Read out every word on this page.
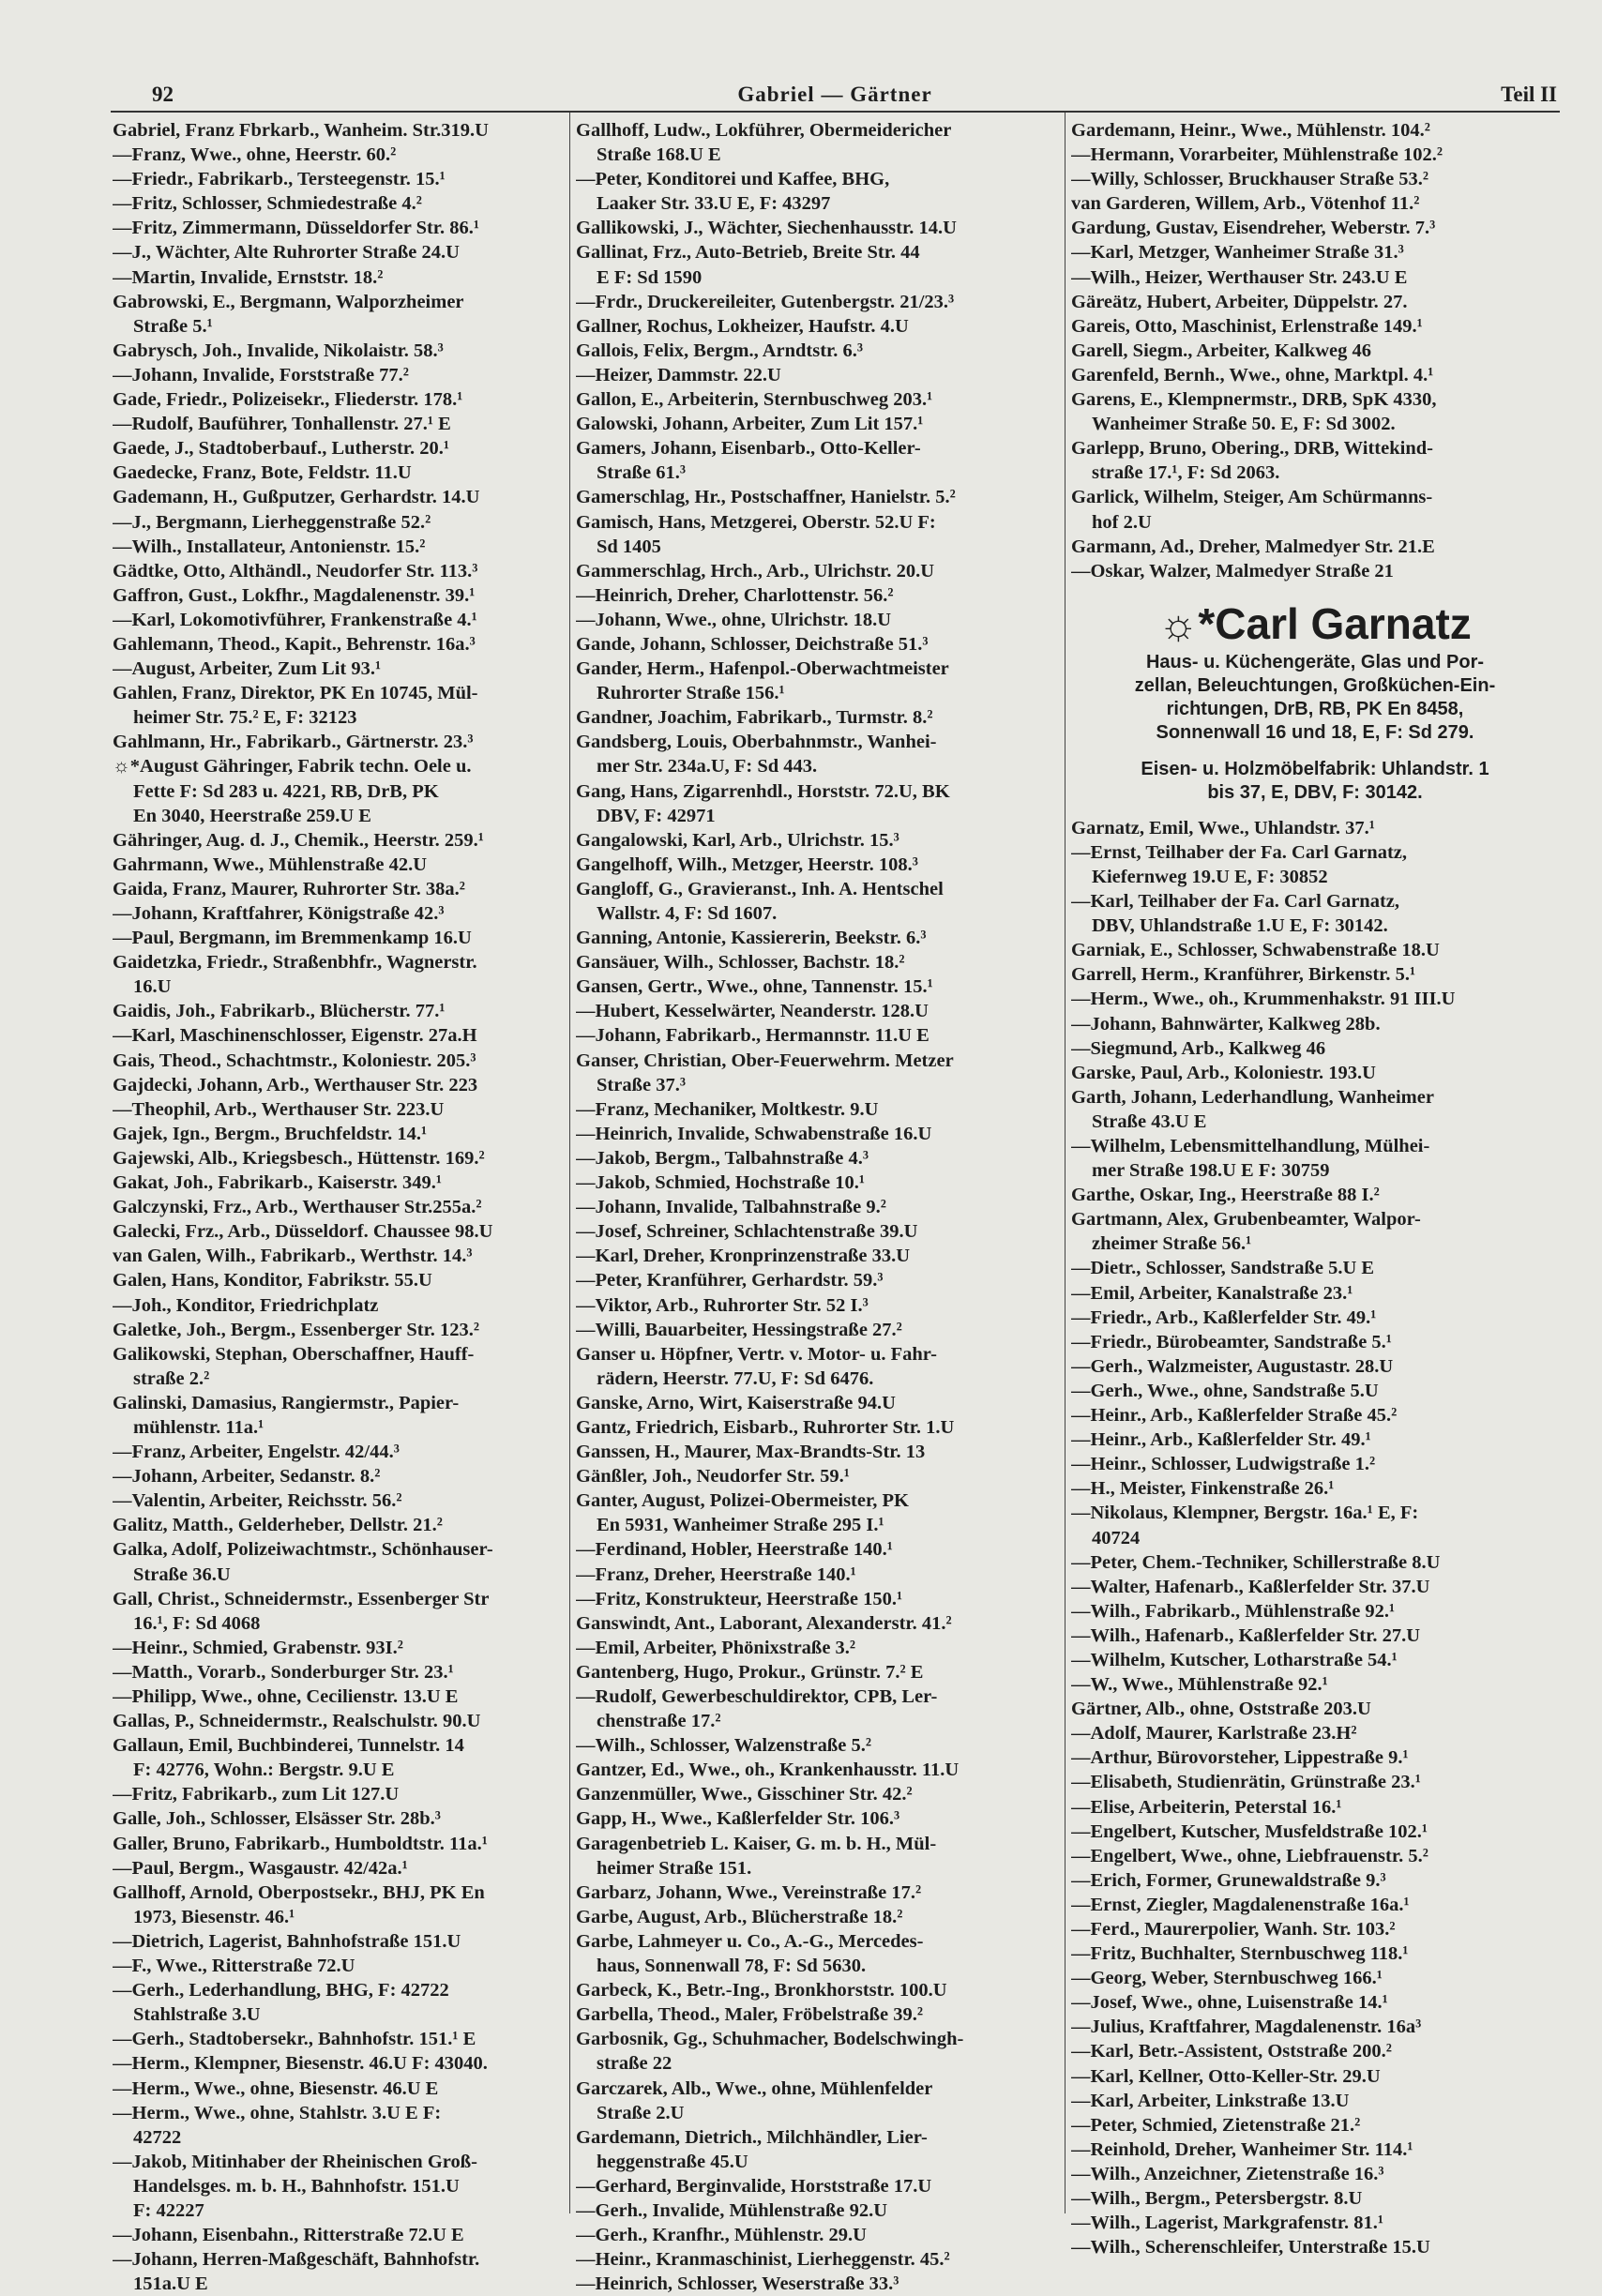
92	Gabriel — Gärtner	Teil II
Gabriel, Franz Fbrkarb., Wanheim. Str.319.U
—Franz, Wwe., ohne, Heerstr. 60.²
—Friedr., Fabrikarb., Tersteegenstr. 15.¹
—Fritz, Schlosser, Schmiedestraße 4.²
—Fritz, Zimmermann, Düsseldorfer Str. 86.¹
—J., Wächter, Alte Ruhrorter Straße 24.U
—Martin, Invalide, Ernststr. 18.²
Gabrowski, E., Bergmann, Walporzheimer
Straße 5.¹
Gabrysch, Joh., Invalide, Nikolaistr. 58.³
—Johann, Invalide, Forststraße 77.²
Gade, Friedr., Polizeisekr., Fliederstr. 178.¹
—Rudolf, Bauführer, Tonhallenstr. 27.¹ E
Gaede, J., Stadtoberbauf., Lutherstr. 20.¹
Gaedecke, Franz, Bote, Feldstr. 11.U
Gademann, H., Gußputzer, Gerhardstr. 14.U
—J., Bergmann, Lierheggenstraße 52.²
—Wilh., Installateur, Antonienstr. 15.²
Gädtke, Otto, Althändl., Neudorfer Str. 113.³
Gaffron, Gust., Lokfhr., Magdalenenstr. 39.¹
—Karl, Lokomotivführer, Frankenstraße 4.¹
Gahlemann, Theod., Kapit., Behrenstr. 16a.³
—August, Arbeiter, Zum Lit 93.¹
Gahlen, Franz, Direktor, PK En 10745, Mül-
heimer Str. 75.² E, F: 32123
Gahlmann, Hr., Fabrikarb., Gärtnerstr. 23.³
☼*August Gähringer, Fabrik techn. Oele u.
Fette F: Sd 283 u. 4221, RB, DrB, PK
En 3040, Heerstraße 259.U E
Gähringer, Aug. d. J., Chemik., Heerstr. 259.¹
Gahrmann, Wwe., Mühlenstraße 42.U
Gaida, Franz, Maurer, Ruhrorter Str. 38a.²
—Johann, Kraftfahrer, Königstraße 42.³
—Paul, Bergmann, im Bremmenkamp 16.U
Gaidetzka, Friedr., Straßenbhfr., Wagnerstr.
16.U
Gaidis, Joh., Fabrikarb., Blücherstr. 77.¹
—Karl, Maschinenschlosser, Eigenstr. 27a.H
Gais, Theod., Schachtmstr., Koloniestr. 205.³
Gajdecki, Johann, Arb., Werthauser Str. 223
—Theophil, Arb., Werthauser Str. 223.U
Gajek, Ign., Bergm., Bruchfeldstr. 14.¹
Gajewski, Alb., Kriegsbesch., Hüttenstr. 169.²
Gakat, Joh., Fabrikarb., Kaiserstr. 349.¹
Galczynski, Frz., Arb., Werthauser Str.255a.²
Galecki, Frz., Arb., Düsseldorf. Chaussee 98.U
van Galen, Wilh., Fabrikarb., Werthstr. 14.³
Galen, Hans, Konditor, Fabrikstr. 55.U
—Joh., Konditor, Friedrichplatz
Galetke, Joh., Bergm., Essenberger Str. 123.²
Galikowski, Stephan, Oberschaffner, Hauff-
straße 2.²
Galinski, Damasius, Rangiermstr., Papier-
mühlenstr. 11a.¹
—Franz, Arbeiter, Engelstr. 42/44.³
—Johann, Arbeiter, Sedanstr. 8.²
—Valentin, Arbeiter, Reichsstr. 56.²
Galitz, Matth., Gelderheber, Dellstr. 21.²
Galka, Adolf, Polizeiwachtmstr., Schönhauser-
Straße 36.U
Gall, Christ., Schneidermstr., Essenberger Str
16.¹, F: Sd 4068
—Heinr., Schmied, Grabenstr. 93I.²
—Matth., Vorarb., Sonderburger Str. 23.¹
—Philipp, Wwe., ohne, Cecilienstr. 13.U E
Gallas, P., Schneidermstr., Realschulstr. 90.U
Gallaun, Emil, Buchbinderei, Tunnelstr. 14
F: 42776, Wohn.: Bergstr. 9.U E
—Fritz, Fabrikarb., zum Lit 127.U
Galle, Joh., Schlosser, Elsässer Str. 28b.³
Galler, Bruno, Fabrikarb., Humboldtstr. 11a.¹
—Paul, Bergm., Wasgaustr. 42/42a.¹
Gallhoff, Arnold, Oberpostsekr., BHJ, PK En
1973, Biesenstr. 46.¹
—Dietrich, Lagerist, Bahnhofstraße 151.U
—F., Wwe., Ritterstraße 72.U
—Gerh., Lederhandlung, BHG, F: 42722
Stahlstraße 3.U
—Gerh., Stadtobersekr., Bahnhofstr. 151.¹ E
—Herm., Klempner, Biesenstr. 46.U F: 43040.
—Herm., Wwe., ohne, Biesenstr. 46.U E
—Herm., Wwe., ohne, Stahlstr. 3.U E F:
42722
—Jakob, Mitinhaber der Rheinischen Groß-
Handelsges. m. b. H., Bahnhofstr. 151.U
F: 42227
—Johann, Eisenbahn., Ritterstraße 72.U E
—Johann, Herren-Maßgeschäft, Bahnhofstr.
151a.U E
Gallhoff, Ludw., Lokführer, Obermeidericher
Straße 168.U E
—Peter, Konditorei und Kaffee, BHG,
Laaker Str. 33.U E, F: 43297
Gallikowski, J., Wächter, Siechenhausstr. 14.U
Gallinat, Frz., Auto-Betrieb, Breite Str. 44
E F: Sd 1590
—Frdr., Druckereileiter, Gutenbergstr. 21/23.³
Gallner, Rochus, Lokheizer, Haufstr. 4.U
Gallois, Felix, Bergm., Arndtstr. 6.³
—Heizer, Dammstr. 22.U
Gallon, E., Arbeiterin, Sternbuschweg 203.¹
Galowski, Johann, Arbeiter, Zum Lit 157.¹
Gamers, Johann, Eisenbarb., Otto-Keller-
Straße 61.³
Gamerschlag, Hr., Postschaffner, Hanielstr. 5.²
Gamisch, Hans, Metzgerei, Oberstr. 52.U F:
Sd 1405
Gammerschlag, Hrch., Arb., Ulrichstr. 20.U
—Heinrich, Dreher, Charlottenstr. 56.²
—Johann, Wwe., ohne, Ulrichstr. 18.U
Gande, Johann, Schlosser, Deichstraße 51.³
Gander, Herm., Hafenpol.-Oberwachtmeister
Ruhrorter Straße 156.¹
Gandner, Joachim, Fabrikarb., Turmstr. 8.²
Gandsberg, Louis, Oberbahnmstr., Wanhei-
mer Str. 234a.U, F: Sd 443.
Gang, Hans, Zigarrenhdl., Horststr. 72.U, BK
DBV, F: 42971
Gangalowski, Karl, Arb., Ulrichstr. 15.³
Gangelhoff, Wilh., Metzger, Heerstr. 108.³
Gangloff, G., Gravieranst., Inh. A. Hentschel
Wallstr. 4, F: Sd 1607.
Ganning, Antonie, Kassiererin, Beekstr. 6.³
Gansäuer, Wilh., Schlosser, Bachstr. 18.²
Gansen, Gertr., Wwe., ohne, Tannenstr. 15.¹
—Hubert, Kesselwärter, Neanderstr. 128.U
—Johann, Fabrikarb., Hermannstr. 11.U E
Ganser, Christian, Ober-Feuerwehrm. Metzer
Straße 37.³
—Franz, Mechaniker, Moltkestr. 9.U
—Heinrich, Invalide, Schwabenstraße 16.U
—Jakob, Bergm., Talbahnstraße 4.³
—Jakob, Schmied, Hochstraße 10.¹
—Johann, Invalide, Talbahnstraße 9.²
—Josef, Schreiner, Schlachtenstraße 39.U
—Karl, Dreher, Kronprinzenstraße 33.U
—Peter, Kranführer, Gerhardstr. 59.³
—Viktor, Arb., Ruhrorter Str. 52 I.³
—Willi, Bauarbeiter, Hessingstraße 27.²
Ganser u. Höpfner, Vertr. v. Motor- u. Fahr-
rädern, Heerstr. 77.U, F: Sd 6476.
Ganske, Arno, Wirt, Kaiserstraße 94.U
Gantz, Friedrich, Eisbarb., Ruhrorter Str. 1.U
Ganssen, H., Maurer, Max-Brandts-Str. 13
Gänßler, Joh., Neudorfer Str. 59.¹
Ganter, August, Polizei-Obermeister, PK
En 5931, Wanheimer Straße 295 I.¹
—Ferdinand, Hobler, Heerstraße 140.¹
—Franz, Dreher, Heerstraße 140.¹
—Fritz, Konstrukteur, Heerstraße 150.¹
Ganswindt, Ant., Laborant, Alexanderstr. 41.²
—Emil, Arbeiter, Phönixstraße 3.²
Gantenberg, Hugo, Prokur., Grünstr. 7.² E
—Rudolf, Gewerbeschuldirektor, CPB, Ler-
chenstraße 17.²
—Wilh., Schlosser, Walzenstraße 5.²
Gantzer, Ed., Wwe., oh., Krankenhausstr. 11.U
Ganzenmüller, Wwe., Gisschiner Str. 42.²
Gapp, H., Wwe., Kaßlerfelder Str. 106.³
Garagenbetrieb L. Kaiser, G. m. b. H., Mül-
heimer Straße 151.
Garbarz, Johann, Wwe., Vereinstraße 17.²
Garbe, August, Arb., Blücherstraße 18.²
Garbe, Lahmeyer u. Co., A.-G., Mercedes-
haus, Sonnenwall 78, F: Sd 5630.
Garbeck, K., Betr.-Ing., Bronkhorststr. 100.U
Garbella, Theod., Maler, Fröbelstraße 39.²
Garbosnik, Gg., Schuhmacher, Bodelschwingh-
straße 22
Garczarek, Alb., Wwe., ohne, Mühlenfelder
Straße 2.U
Gardemann, Dietrich., Milchhändler, Lier-
heggenstraße 45.U
—Gerhard, Berginvalide, Horststraße 17.U
—Gerh., Invalide, Mühlenstraße 92.U
—Gerh., Kranfhr., Mühlenstr. 29.U
—Heinr., Kranmaschinist, Lierheggenstr. 45.²
—Heinrich, Schlosser, Weserstraße 33.³
Gardemann, Heinr., Wwe., Mühlenstr. 104.²
—Hermann, Vorarbeiter, Mühlenstraße 102.²
—Willy, Schlosser, Bruckhauser Straße 53.²
van Garderen, Willem, Arb., Vötenhof 11.²
Gardung, Gustav, Eisendreher, Weberstr. 7.³
—Karl, Metzger, Wanheimer Straße 31.³
—Wilh., Heizer, Werthauser Str. 243.U E
Gäreätz, Hubert, Arbeiter, Düppelstr. 27.
Gareis, Otto, Maschinist, Erlenstraße 149.¹
Garell, Siegm., Arbeiter, Kalkweg 46
Garenfeld, Bernh., Wwe., ohne, Marktpl. 4.¹
Garens, E., Klempnermstr., DRB, SpK 4330,
Wanheimer Straße 50. E, F: Sd 3002.
Garlepp, Bruno, Obering., DRB, Wittekind-
straße 17.¹, F: Sd 2063.
Garlick, Wilhelm, Steiger, Am Schürmanns-
hof 2.U
Garmann, Ad., Dreher, Malmedyer Str. 21.E
—Oskar, Walzer, Malmedyer Straße 21
☼*Carl Garnatz
Haus- u. Küchengeräte, Glas und Por-
zellan, Beleuchtungen, Großküchen-Ein-
richtungen, DrB, RB, PK En 8458,
Sonnenwall 16 und 18, E, F: Sd 279.
Eisen- u. Holzmöbelfabrik: Uhlandstr. 1
bis 37, E, DBV, F: 30142.
Garnatz, Emil, Wwe., Uhlandstr. 37.¹
—Ernst, Teilhaber der Fa. Carl Garnatz,
Kiefernweg 19.U E, F: 30852
—Karl, Teilhaber der Fa. Carl Garnatz,
DBV, Uhlandstraße 1.U E, F: 30142.
Garniak, E., Schlosser, Schwabenstraße 18.U
Garrell, Herm., Kranführer, Birkenstr. 5.¹
—Herm., Wwe., oh., Krummenhakstr. 91 III.U
—Johann, Bahnwärter, Kalkweg 28b.
—Siegmund, Arb., Kalkweg 46
Garske, Paul, Arb., Koloniestr. 193.U
Garth, Johann, Lederhandlung, Wanheimer
Straße 43.U E
—Wilhelm, Lebensmittelhandlung, Mülhei-
mer Straße 198.U E F: 30759
Garthe, Oskar, Ing., Heerstraße 88 I.²
Gartmann, Alex, Grubenbeamter, Walpor-
zheimer Straße 56.¹
—Dietr., Schlosser, Sandstraße 5.U E
—Emil, Arbeiter, Kanalstraße 23.¹
—Friedr., Arb., Kaßlerfelder Str. 49.¹
—Friedr., Bürobeamter, Sandstraße 5.¹
—Gerh., Walzmeister, Augustastr. 28.U
—Gerh., Wwe., ohne, Sandstraße 5.U
—Heinr., Arb., Kaßlerfelder Straße 45.²
—Heinr., Arb., Kaßlerfelder Str. 49.¹
—Heinr., Schlosser, Ludwigstraße 1.²
—H., Meister, Finkenstraße 26.¹
—Nikolaus, Klempner, Bergstr. 16a.¹ E, F:
40724
—Peter, Chem.-Techniker, Schillerstraße 8.U
—Walter, Hafenarb., Kaßlerfelder Str. 37.U
—Wilh., Fabrikarb., Mühlenstraße 92.¹
—Wilh., Hafenarb., Kaßlerfelder Str. 27.U
—Wilhelm, Kutscher, Lotharstraße 54.¹
—W., Wwe., Mühlenstraße 92.¹
Gärtner, Alb., ohne, Oststraße 203.U
—Adolf, Maurer, Karlstraße 23.H²
—Arthur, Bürovorsteher, Lippestraße 9.¹
—Elisabeth, Studienrätin, Grünstraße 23.¹
—Elise, Arbeiterin, Peterstal 16.¹
—Engelbert, Kutscher, Musfeldstraße 102.¹
—Engelbert, Wwe., ohne, Liebfrauenstr. 5.²
—Erich, Former, Grunewaldstraße 9.³
—Ernst, Ziegler, Magdalenenstraße 16a.¹
—Ferd., Maurerpolier, Wanh. Str. 103.²
—Fritz, Buchhalter, Sternbuschweg 118.¹
—Georg, Weber, Sternbuschweg 166.¹
—Josef, Wwe., ohne, Luisenstraße 14.¹
—Julius, Kraftfahrer, Magdalenenstr. 16a³
—Karl, Betr.-Assistent, Oststraße 200.²
—Karl, Kellner, Otto-Keller-Str. 29.U
—Karl, Arbeiter, Linkstraße 13.U
—Peter, Schmied, Zietenstraße 21.²
—Reinhold, Dreher, Wanheimer Str. 114.¹
—Wilh., Anzeichner, Zietenstraße 16.³
—Wilh., Bergm., Petersbergstr. 8.U
—Wilh., Lagerist, Markgrafenstr. 81.¹
—Wilh., Scherenschleifer, Unterstraße 15.U
